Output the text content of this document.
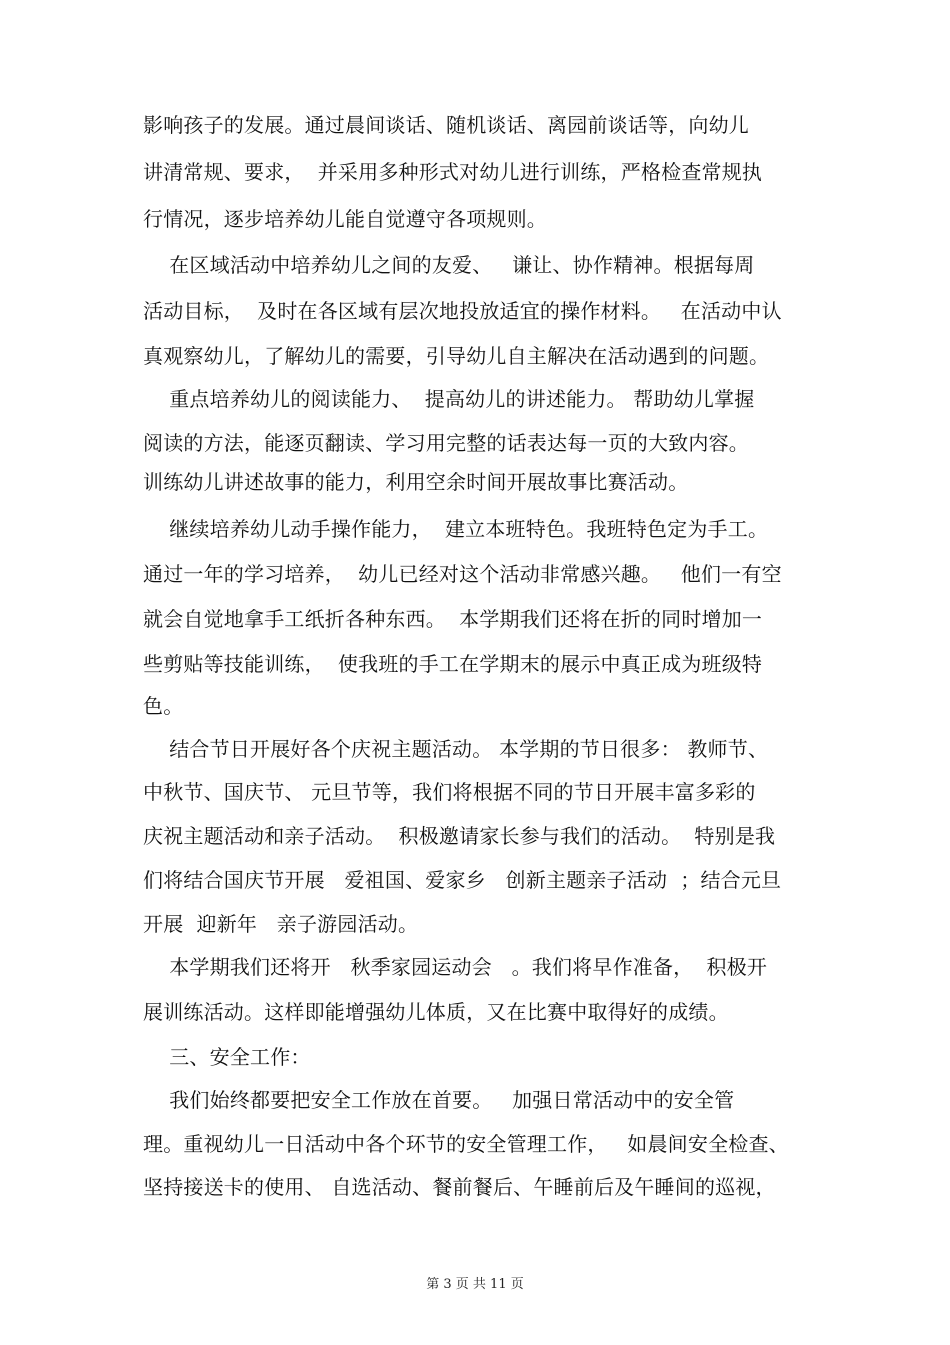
影响孩子的发展。通过晨间谈话、随机谈话、离园前谈话等，向幼儿
讲清常规、要求，  并采用多种形式对幼儿进行训练，严格检查常规执
行情况，逐步培养幼儿能自觉遵守各项规则。
在区域活动中培养幼儿之间的友爱、   谦让、协作精神。根据每周
活动目标，  及时在各区域有层次地投放适宜的操作材料。   在活动中认
真观察幼儿，了解幼儿的需要，引导幼儿自主解决在活动遇到的问题。
重点培养幼儿的阅读能力、  提高幼儿的讲述能力。 帮助幼儿掌握
阅读的方法，能逐页翻读、学习用完整的话表达每一页的大致内容。
训练幼儿讲述故事的能力，利用空余时间开展故事比赛活动。
继续培养幼儿动手操作能力，  建立本班特色。我班特色定为手工。
通过一年的学习培养，  幼儿已经对这个活动非常感兴趣。   他们一有空
就会自觉地拿手工纸折各种东西。  本学期我们还将在折的同时增加一
些剪贴等技能训练，  使我班的手工在学期末的展示中真正成为班级特
色。
结合节日开展好各个庆祝主题活动。 本学期的节日很多： 教师节、
中秋节、国庆节、 元旦节等，我们将根据不同的节日开展丰富多彩的
庆祝主题活动和亲子活动。  积极邀请家长参与我们的活动。  特别是我
们将结合国庆节开展   爱祖国、爱家乡   创新主题亲子活动  ；结合元旦
开展  迎新年   亲子游园活动。
本学期我们还将开   秋季家园运动会   。我们将早作准备，  积极开
展训练活动。这样即能增强幼儿体质，又在比赛中取得好的成绩。
三、安全工作：
我们始终都要把安全工作放在首要。   加强日常活动中的安全管
理。重视幼儿一日活动中各个环节的安全管理工作，   如晨间安全检查、
坚持接送卡的使用、 自选活动、餐前餐后、午睡前后及午睡间的巡视，
第 3 页 共 11 页
